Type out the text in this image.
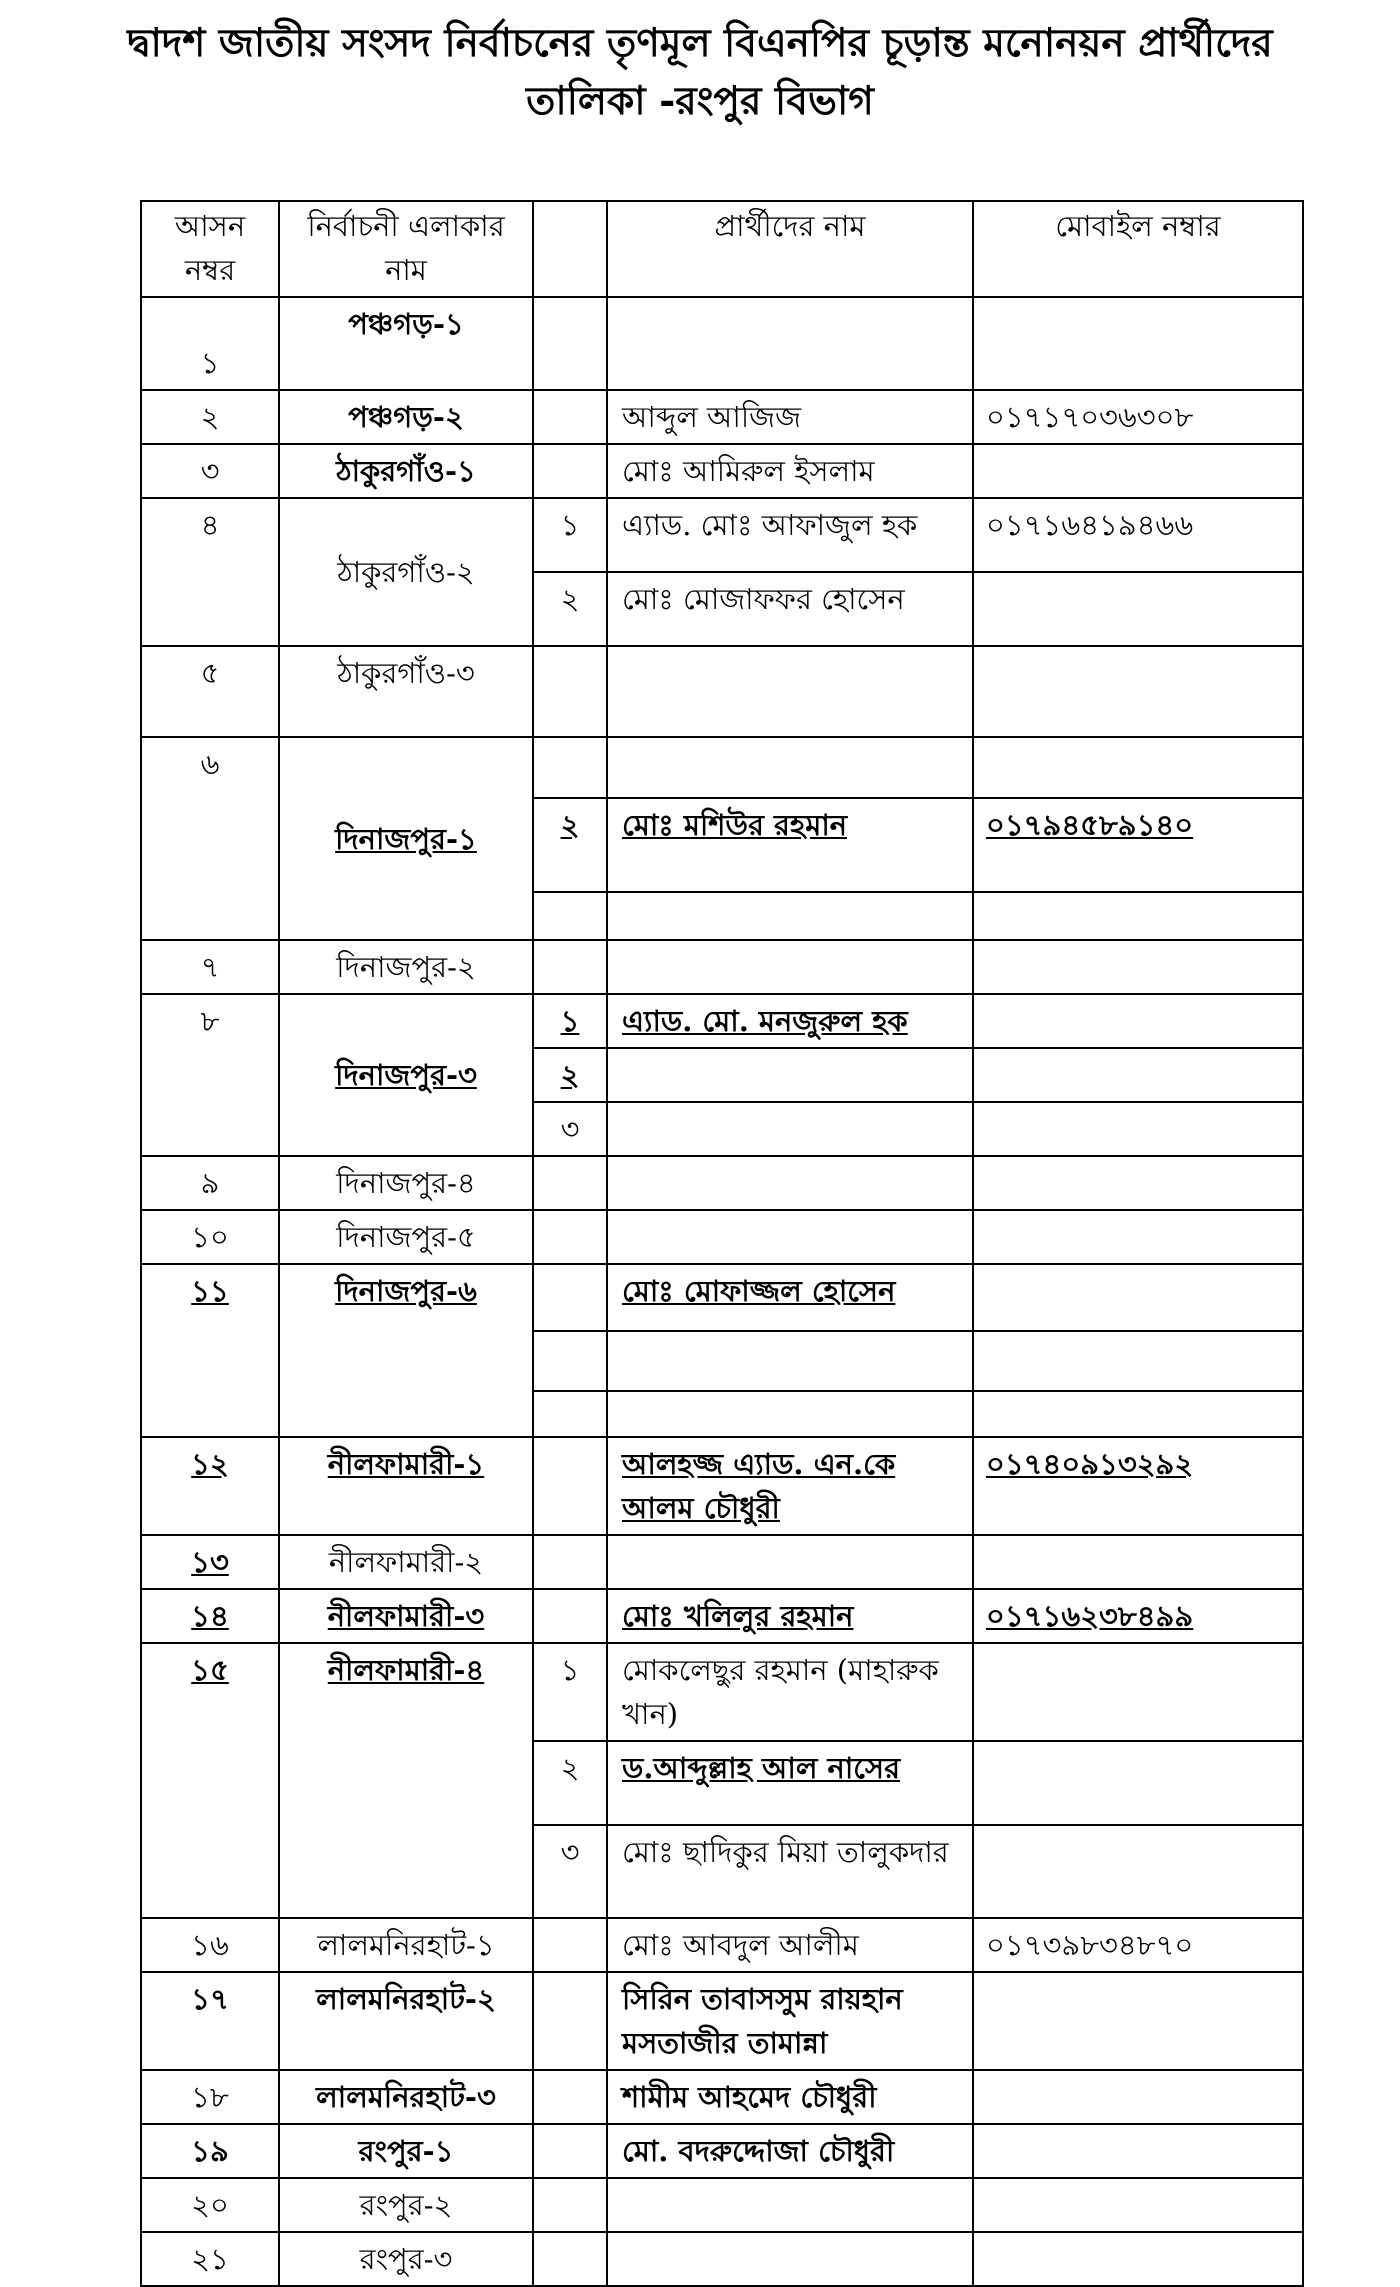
দ্বাদশ জাতীয় সংসদ নির্বাচনের তৃণমূল বিএনপির চূড়ান্ত মনোনয়ন প্রার্থীদের
তালিকা -রংপুর বিভাগ
আসন নম্বর	নির্বাচনী এলাকার নাম		প্রার্থীদের নাম	মোবাইল নম্বার
১	পঞ্চগড়-১			
২	পঞ্চগড়-২		আব্দুল আজিজ	০১৭১৭০৩৬৩০৮
৩	ঠাকুরগাঁও-১		মোঃ আমিরুল ইসলাম	
৪	ঠাকুরগাঁও-২	১	এ্যাড. মোঃ আফাজুল হক	০১৭১৬৪১৯৪৬৬
		২	মোঃ মোজাফফর হোসেন	
৫	ঠাকুরগাঁও-৩			
৬	দিনাজপুর-১			
		২	মোঃ মশিউর রহমান	০১৭৯৪৫৮৯১৪০

৭	দিনাজপুর-২			
৮	দিনাজপুর-৩	১	এ্যাড. মো. মনজুরুল হক	
		২		
		৩		
৯	দিনাজপুর-৪			
১০	দিনাজপুর-৫			
১১	দিনাজপুর-৬		মোঃ মোফাজ্জল হোসেন	

১২	নীলফামারী-১		আলহজ্জ এ্যাড. এন.কে আলম চৌধুরী	০১৭৪০৯১৩২৯২
১৩	নীলফামারী-২			
১৪	নীলফামারী-৩		মোঃ খলিলুর রহমান	০১৭১৬২৩৮৪৯৯
১৫	নীলফামারী-৪	১	মোকলেছুর রহমান (মাহারুক খান)	
		২	ড.আব্দুল্লাহ আল নাসের	
		৩	মোঃ ছাদিকুর মিয়া তালুকদার	
১৬	লালমনিরহাট-১		মোঃ আবদুল আলীম	০১৭৩৯৮৩৪৮৭০
১৭	লালমনিরহাট-২		সিরিন তাবাসসুম রায়হান মসতাজীর তামান্না	
১৮	লালমনিরহাট-৩		শামীম আহমেদ চৌধুরী	
১৯	রংপুর-১		মো. বদরুদ্দোজা চৌধুরী	
২০	রংপুর-২			
২১	রংপুর-৩			
